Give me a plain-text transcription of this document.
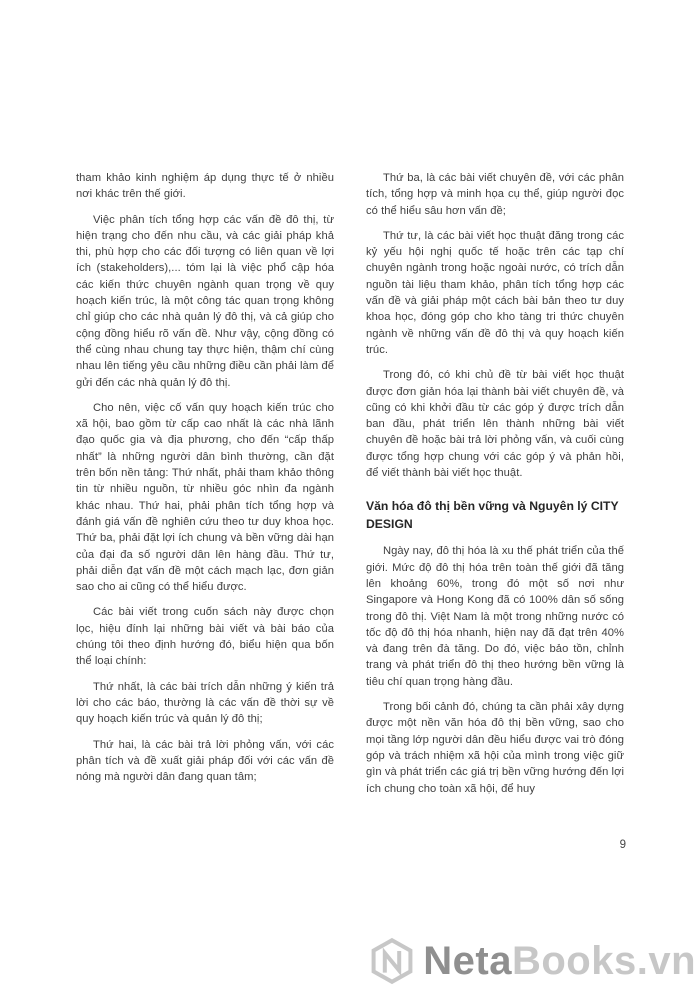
tham khảo kinh nghiệm áp dụng thực tế ở nhiều nơi khác trên thế giới.

Việc phân tích tổng hợp các vấn đề đô thị, từ hiện trạng cho đến nhu cầu, và các giải pháp khả thi, phù hợp cho các đối tượng có liên quan về lợi ích (stakeholders),... tóm lại là việc phổ cập hóa các kiến thức chuyên ngành quan trọng về quy hoạch kiến trúc, là một công tác quan trọng không chỉ giúp cho các nhà quản lý đô thị, và cả giúp cho cộng đồng hiểu rõ vấn đề. Như vậy, cộng đồng có thể cùng nhau chung tay thực hiện, thậm chí cùng nhau lên tiếng yêu cầu những điều cần phải làm để gửi đến các nhà quản lý đô thị.

Cho nên, việc cố vấn quy hoạch kiến trúc cho xã hội, bao gồm từ cấp cao nhất là các nhà lãnh đạo quốc gia và địa phương, cho đến “cấp thấp nhất” là những người dân bình thường, cần đặt trên bốn nền tảng: Thứ nhất, phải tham khảo thông tin từ nhiều nguồn, từ nhiều góc nhìn đa ngành khác nhau. Thứ hai, phải phân tích tổng hợp và đánh giá vấn đề nghiên cứu theo tư duy khoa học. Thứ ba, phải đặt lợi ích chung và bền vững dài hạn của đại đa số người dân lên hàng đầu. Thứ tư, phải diễn đạt vấn đề một cách mạch lạc, đơn giản sao cho ai cũng có thể hiểu được.

Các bài viết trong cuốn sách này được chọn lọc, hiệu đính lại những bài viết và bài báo của chúng tôi theo định hướng đó, biểu hiện qua bốn thể loại chính:

Thứ nhất, là các bài trích dẫn những ý kiến trả lời cho các báo, thường là các vấn đề thời sự về quy hoạch kiến trúc và quản lý đô thị;

Thứ hai, là các bài trả lời phỏng vấn, với các phân tích và đề xuất giải pháp đối với các vấn đề nóng mà người dân đang quan tâm;

Thứ ba, là các bài viết chuyên đề, với các phân tích, tổng hợp và minh họa cụ thể, giúp người đọc có thể hiểu sâu hơn vấn đề;

Thứ tư, là các bài viết học thuật đăng trong các kỷ yếu hội nghị quốc tế hoặc trên các tạp chí chuyên ngành trong hoặc ngoài nước, có trích dẫn nguồn tài liệu tham khảo, phân tích tổng hợp các vấn đề và giải pháp một cách bài bản theo tư duy khoa học, đóng góp cho kho tàng tri thức chuyên ngành về những vấn đề đô thị và quy hoạch kiến trúc.

Trong đó, có khi chủ đề từ bài viết học thuật được đơn giản hóa lại thành bài viết chuyên đề, và cũng có khi khởi đầu từ các góp ý được trích dẫn ban đầu, phát triển lên thành những bài viết chuyên đề hoặc bài trả lời phỏng vấn, và cuối cùng được tổng hợp chung với các góp ý và phản hồi, để viết thành bài viết học thuật.

Văn hóa đô thị bền vững và Nguyên lý CITY DESIGN

Ngày nay, đô thị hóa là xu thế phát triển của thế giới. Mức độ đô thị hóa trên toàn thế giới đã tăng lên khoảng 60%, trong đó một số nơi như Singapore và Hong Kong đã có 100% dân số sống trong đô thị. Việt Nam là một trong những nước có tốc độ đô thị hóa nhanh, hiện nay đã đạt trên 40% và đang trên đà tăng. Do đó, việc bảo tồn, chỉnh trang và phát triển đô thị theo hướng bền vững là tiêu chí quan trọng hàng đầu.

Trong bối cảnh đó, chúng ta cần phải xây dựng được một nền văn hóa đô thị bền vững, sao cho mọi tầng lớp người dân đều hiểu được vai trò đóng góp và trách nhiệm xã hội của mình trong việc giữ gìn và phát triển các giá trị bền vững hướng đến lợi ích chung cho toàn xã hội, để huy

9
NetaBooks.vn
